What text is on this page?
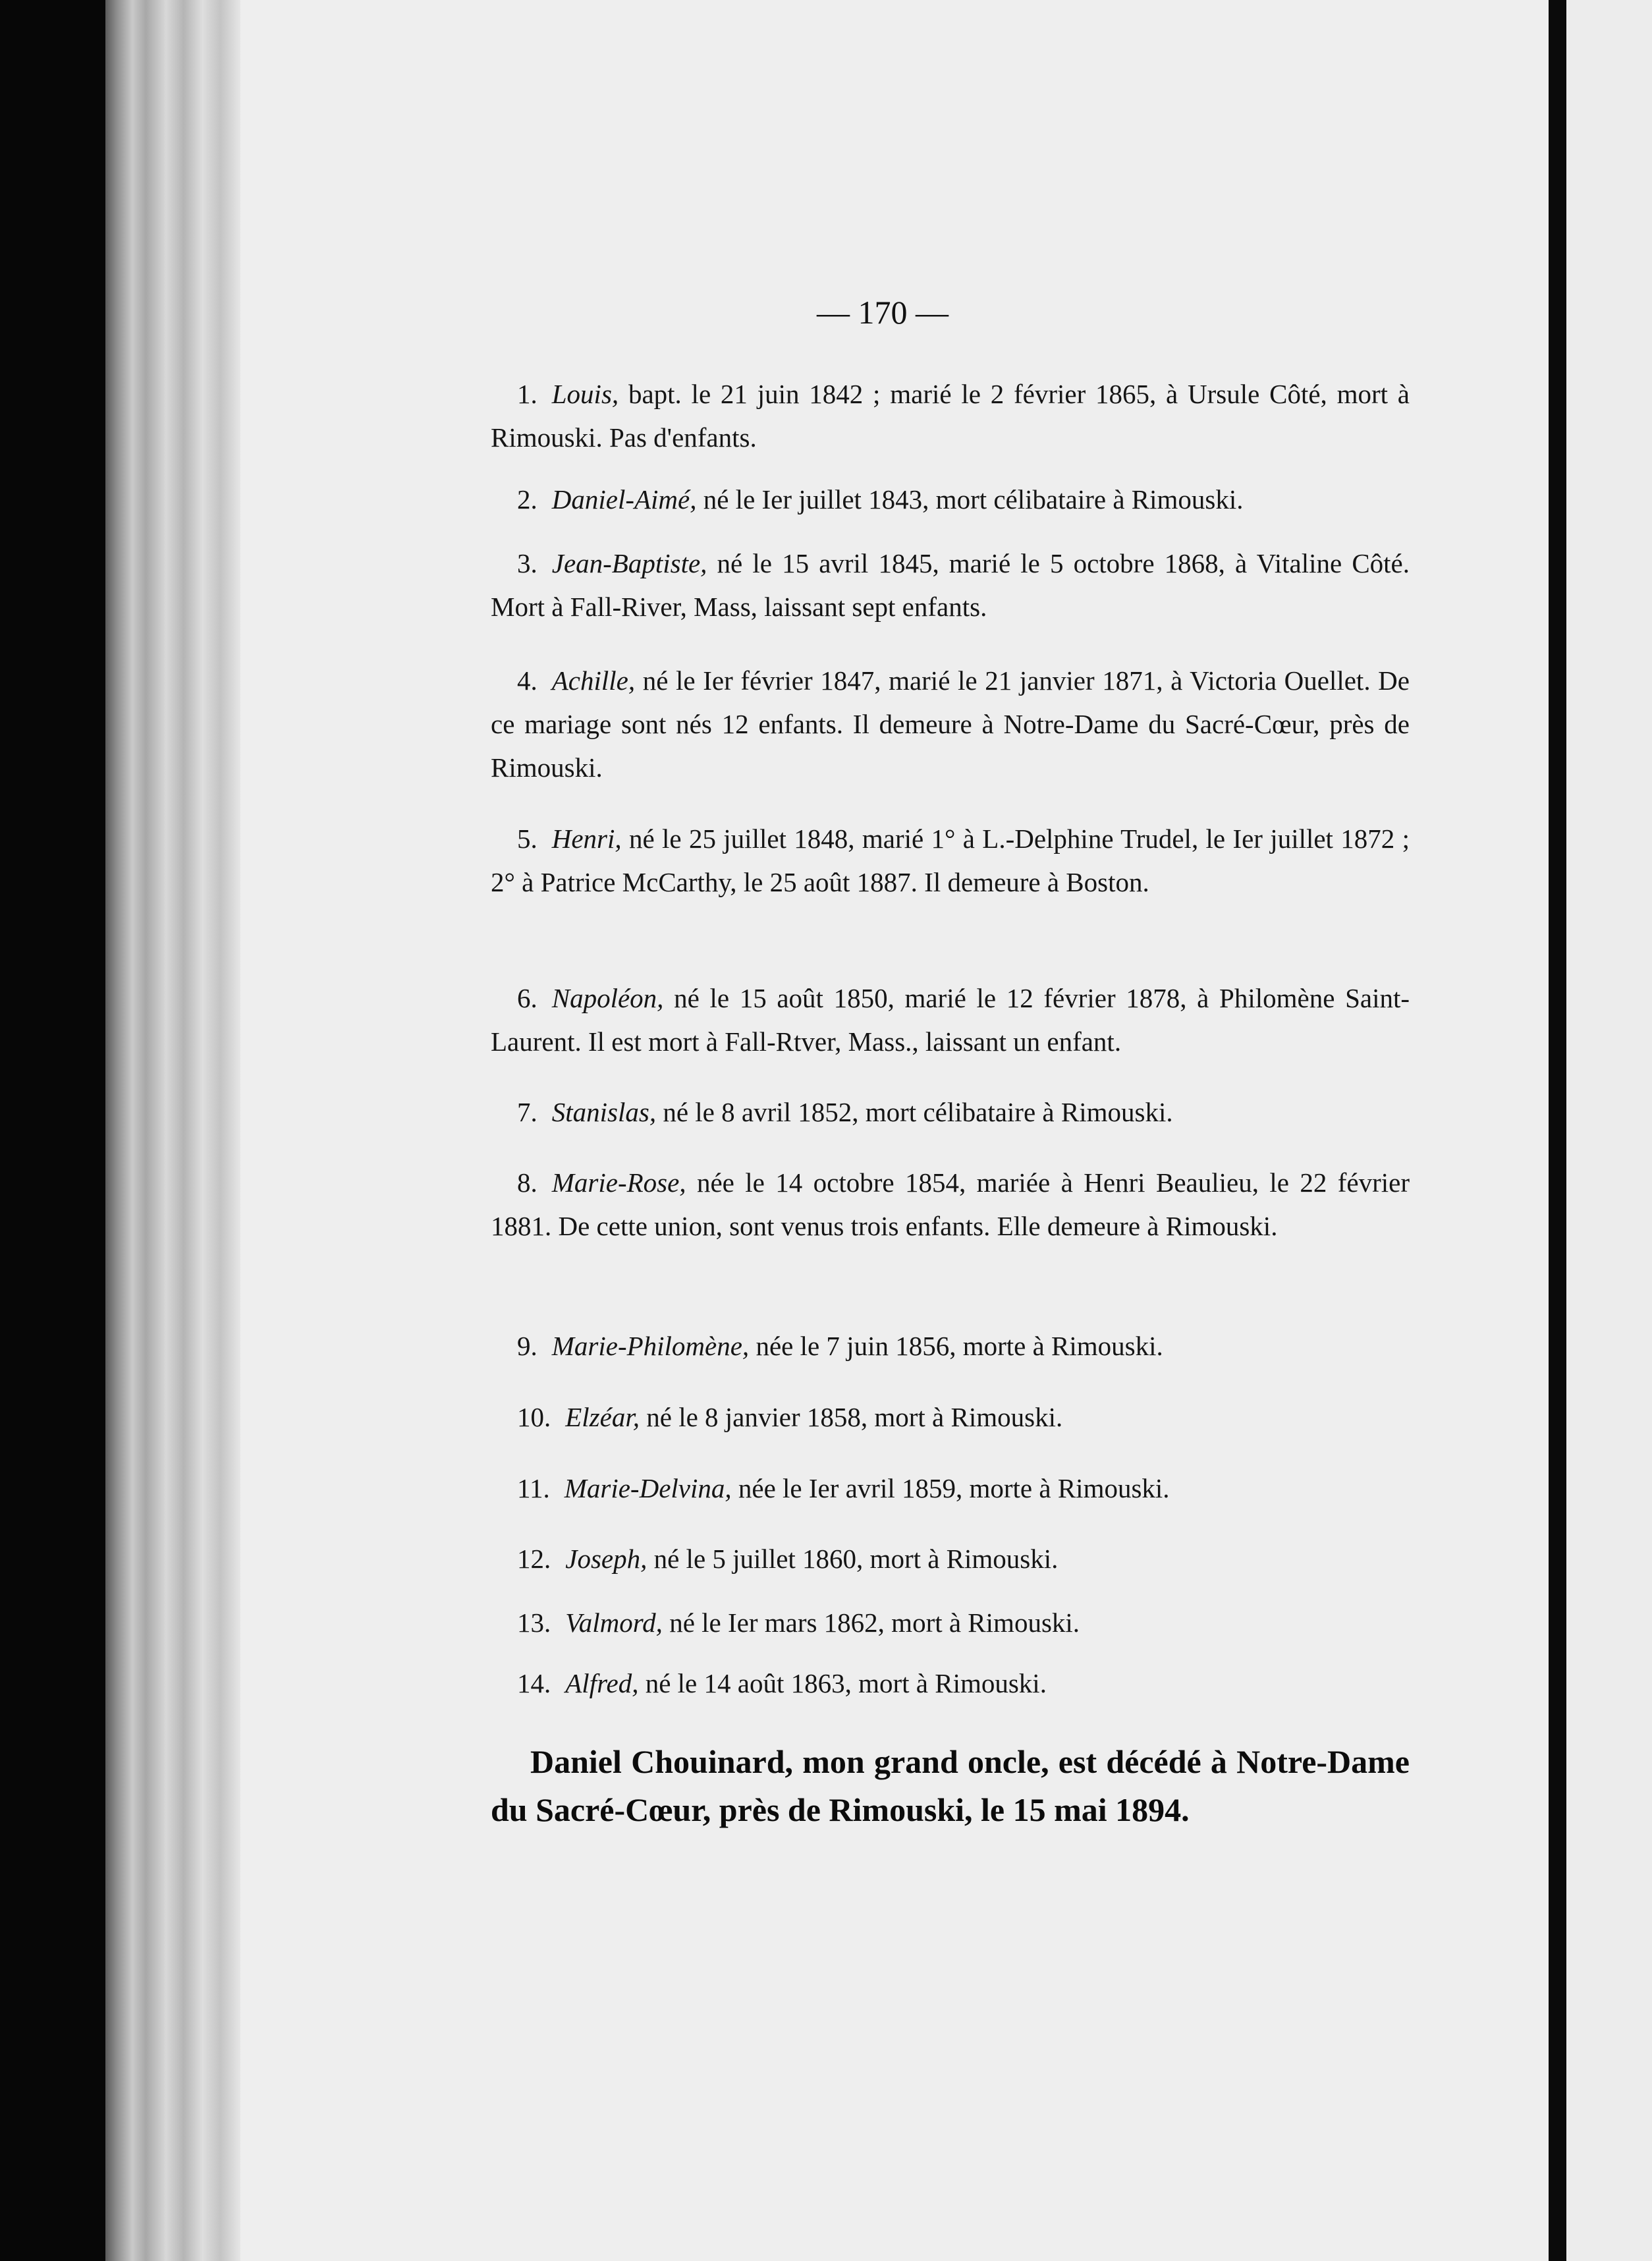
— 170 —
1. Louis, bapt. le 21 juin 1842 ; marié le 2 février 1865, à Ursule Côté, mort à Rimouski. Pas d'enfants.
2. Daniel-Aimé, né le Ier juillet 1843, mort célibataire à Rimouski.
3. Jean-Baptiste, né le 15 avril 1845, marié le 5 octobre 1868, à Vitaline Côté. Mort à Fall-River, Mass, laissant sept enfants.
4. Achille, né le Ier février 1847, marié le 21 janvier 1871, à Victoria Ouellet. De ce mariage sont nés 12 enfants. Il demeure à Notre-Dame du Sacré-Cœur, près de Rimouski.
5. Henri, né le 25 juillet 1848, marié 1° à L.-Delphine Trudel, le Ier juillet 1872 ; 2° à Patrice McCarthy, le 25 août 1887. Il demeure à Boston.
6. Napoléon, né le 15 août 1850, marié le 12 février 1878, à Philomène Saint-Laurent. Il est mort à Fall-Rtver, Mass., laissant un enfant.
7. Stanislas, né le 8 avril 1852, mort célibataire à Rimouski.
8. Marie-Rose, née le 14 octobre 1854, mariée à Henri Beaulieu, le 22 février 1881. De cette union, sont venus trois enfants. Elle demeure à Rimouski.
9. Marie-Philomène, née le 7 juin 1856, morte à Rimouski.
10. Elzéar, né le 8 janvier 1858, mort à Rimouski.
11. Marie-Delvina, née le Ier avril 1859, morte à Rimouski.
12. Joseph, né le 5 juillet 1860, mort à Rimouski.
13. Valmord, né le Ier mars 1862, mort à Rimouski.
14. Alfred, né le 14 août 1863, mort à Rimouski.
Daniel Chouinard, mon grand oncle, est décédé à Notre-Dame du Sacré-Cœur, près de Rimouski, le 15 mai 1894.
